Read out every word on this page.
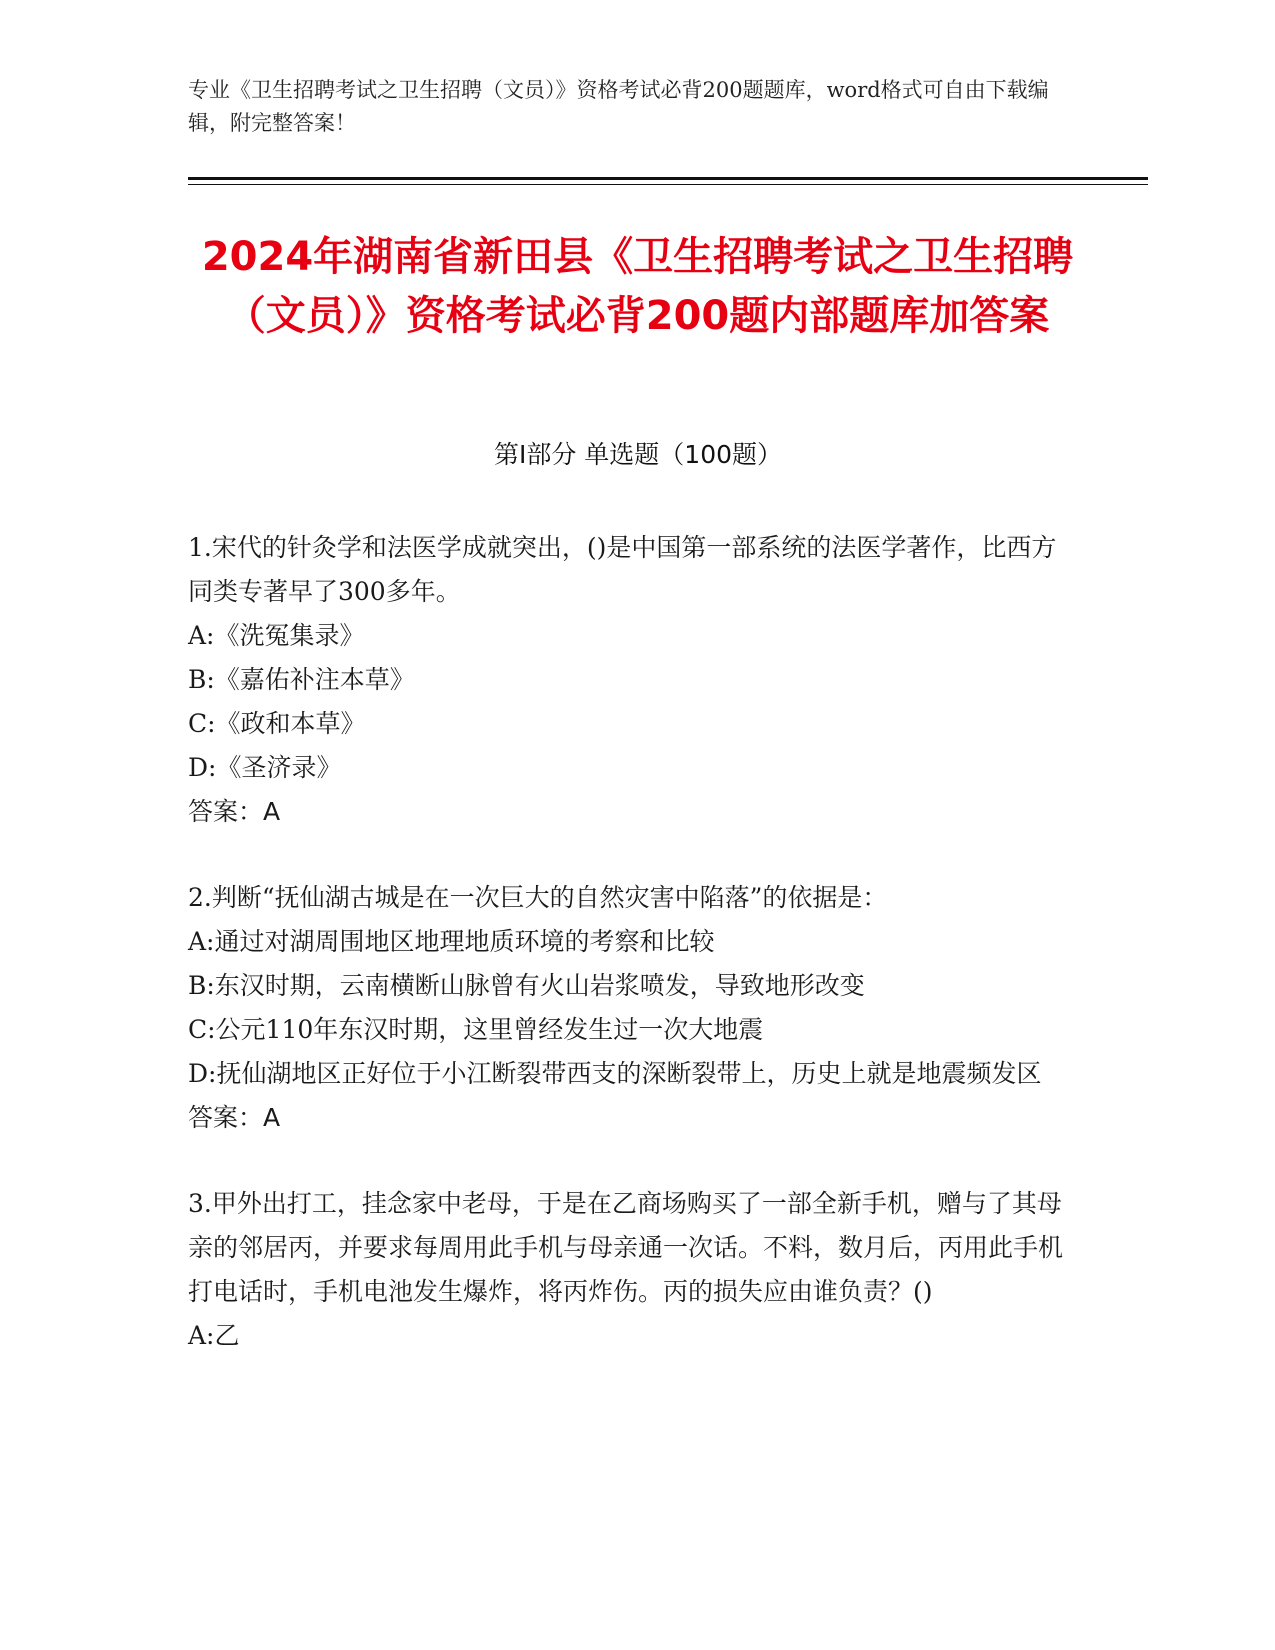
专业《卫生招聘考试之卫生招聘（文员）》资格考试必背200题题库，word格式可自由下载编辑，附完整答案！
2024年湖南省新田县《卫生招聘考试之卫生招聘（文员）》资格考试必背200题内部题库加答案
第Ⅰ部分 单选题（100题）

1.宋代的针灸学和法医学成就突出，()是中国第一部系统的法医学著作，比西方同类专著早了300多年。

A:《洗冤集录》

B:《嘉佑补注本草》

C:《政和本草》

D:《圣济录》

答案：A

2.判断“抚仙湖古城是在一次巨大的自然灾害中陷落”的依据是：

A:通过对湖周围地区地理地质环境的考察和比较

B:东汉时期，云南横断山脉曾有火山岩浆喷发，导致地形改变

C:公元110年东汉时期，这里曾经发生过一次大地震

D:抚仙湖地区正好位于小江断裂带西支的深断裂带上，历史上就是地震频发区

答案：A

3.甲外出打工，挂念家中老母，于是在乙商场购买了一部全新手机，赠与了其母亲的邻居丙，并要求每周用此手机与母亲通一次话。不料，数月后，丙用此手机打电话时，手机电池发生爆炸，将丙炸伤。丙的损失应由谁负责？()

A:乙
